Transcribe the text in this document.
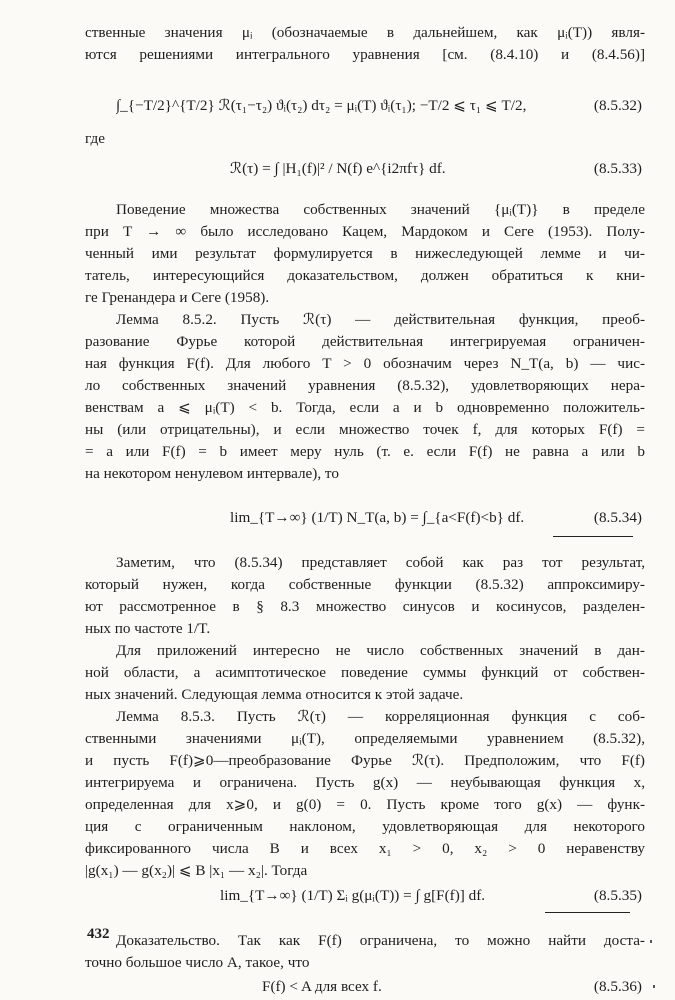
ственные значения μᵢ (обозначаемые в дальнейшем, как μᵢ(T)) явля-
ются решениями интегрального уравнения [см. (8.4.10) и (8.4.56)]
∫_{−T/2}^{T/2} ℛ(τ₁−τ₂) ϑᵢ(τ₂) dτ₂ = μᵢ(T) ϑᵢ(τ₁); −T/2 ⩽ τ₁ ⩽ T/2,	(8.5.32)
где
ℛ(τ) = ∫ |H₁(f)|² / N(f) e^{i2πfτ} df.	(8.5.33)
Поведение множества собственных значений {μᵢ(T)} в пределе
при T → ∞ было исследовано Кацем, Мардоком и Сеге (1953). Полу-
ченный ими результат формулируется в нижеследующей лемме и чи-
татель, интересующийся доказательством, должен обратиться к кни-
ге Гренандера и Сеге (1958).
Лемма 8.5.2. Пусть ℛ(τ) — действительная функция, преоб-
разование Фурье которой действительная интегрируемая ограничен-
ная функция F(f). Для любого T > 0 обозначим через N_T(a, b) — чис-
ло собственных значений уравнения (8.5.32), удовлетворяющих нера-
венствам a ⩽ μᵢ(T) < b. Тогда, если a и b одновременно положитель-
ны (или отрицательны), и если множество точек f, для которых F(f) =
= a или F(f) = b имеет меру нуль (т. е. если F(f) не равна a или b
на некотором ненулевом интервале), то
lim_{T→∞} (1/T) N_T(a, b) = ∫_{a<F(f)<b} df.	(8.5.34)
Заметим, что (8.5.34) представляет собой как раз тот результат,
который нужен, когда собственные функции (8.5.32) аппроксимиру-
ют рассмотренное в § 8.3 множество синусов и косинусов, разделен-
ных по частоте 1/T.
Для приложений интересно не число собственных значений в дан-
ной области, а асимптотическое поведение суммы функций от собствен-
ных значений. Следующая лемма относится к этой задаче.
Лемма 8.5.3. Пусть ℛ(τ) — корреляционная функция с соб-
ственными значениями μᵢ(T), определяемыми уравнением (8.5.32),
и пусть F(f)⩾0—преобразование Фурье ℛ(τ). Предположим, что F(f)
интегрируема и ограничена. Пусть g(x) — неубывающая функция x,
определенная для x⩾0, и g(0) = 0. Пусть кроме того g(x) — функ-
ция с ограниченным наклоном, удовлетворяющая для некоторого
фиксированного числа B и всех x₁ > 0, x₂ > 0 неравенству
|g(x₁) — g(x₂)| ⩽ B |x₁ — x₂|. Тогда
lim_{T→∞} (1/T) Σᵢ g(μᵢ(T)) = ∫ g[F(f)] df.	(8.5.35)
Доказательство. Так как F(f) ограничена, то можно найти доста-
точно большое число A, такое, что
F(f) < A для всех f.	(8.5.36)
432
